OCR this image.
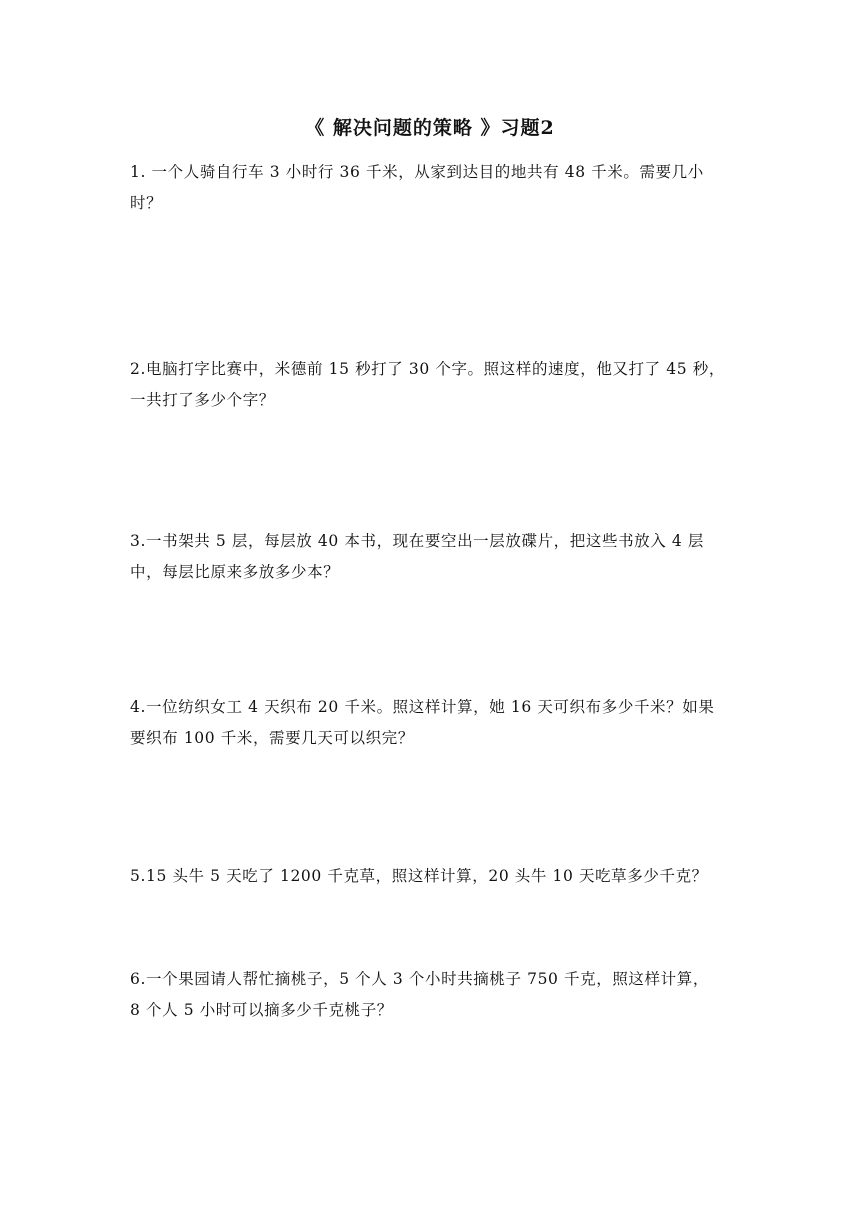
《 解决问题的策略 》习题2
1. 一个人骑自行车 3 小时行 36 千米，从家到达目的地共有 48 千米。需要几小
时？
2.电脑打字比赛中，米德前 15 秒打了 30 个字。照这样的速度，他又打了 45 秒，
一共打了多少个字？
3.一书架共 5 层，每层放 40 本书，现在要空出一层放碟片，把这些书放入 4 层
中，每层比原来多放多少本？
4.一位纺织女工 4 天织布 20 千米。照这样计算，她 16 天可织布多少千米？如果
要织布 100 千米，需要几天可以织完？
5.15 头牛 5 天吃了 1200 千克草，照这样计算，20 头牛 10 天吃草多少千克？
6.一个果园请人帮忙摘桃子，5 个人 3 个小时共摘桃子 750 千克，照这样计算，
8 个人 5 小时可以摘多少千克桃子？
